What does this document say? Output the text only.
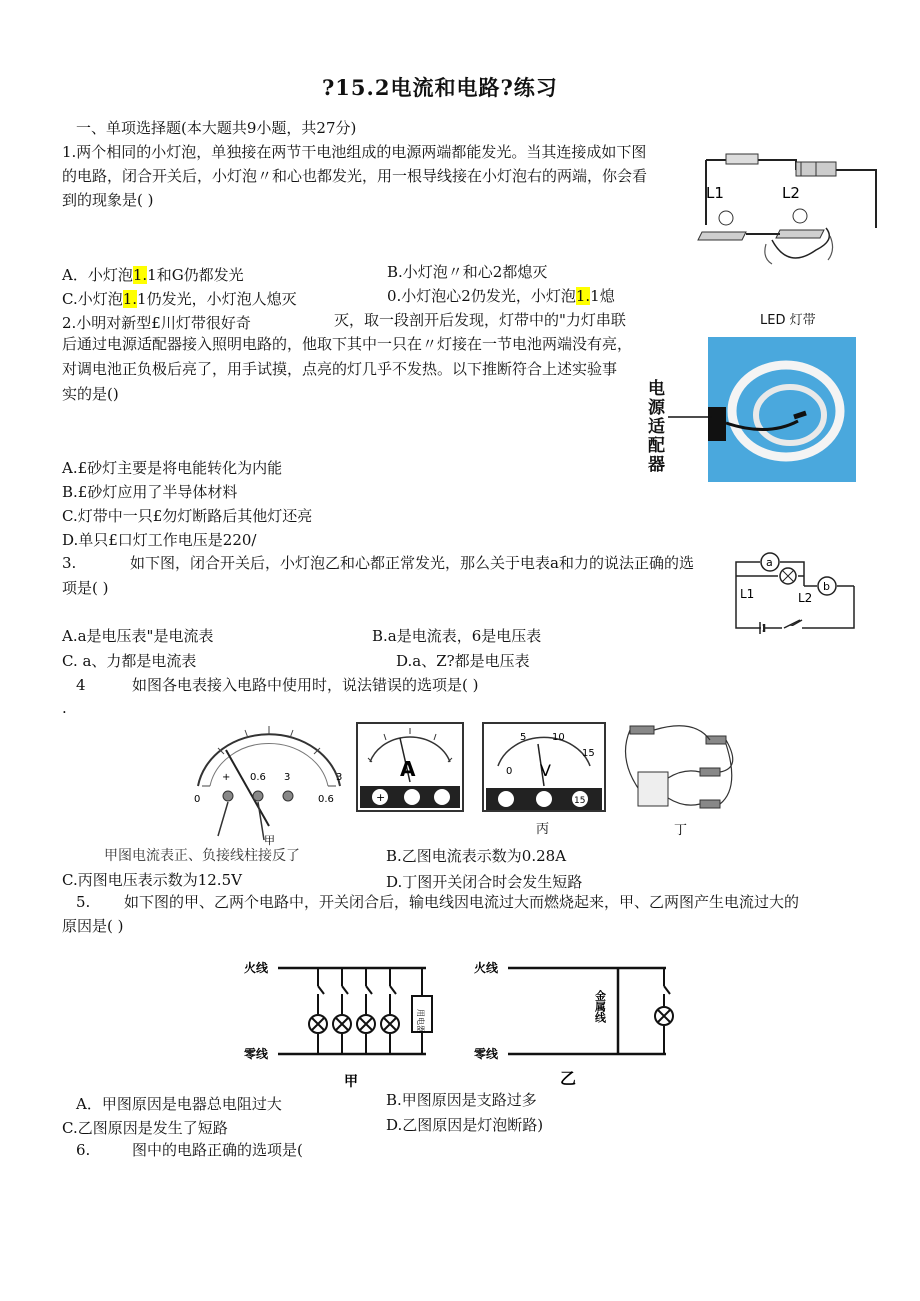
?15.2电流和电路?练习
一、单项选择题(本大题共9小题，共27分)
1.两个相同的小灯泡，单独接在两节干电池组成的电源两端都能发光。当其连接成如下图
的电路，闭合开关后，小灯泡〃和心也都发光，用一根导线接在小灯泡右的两端，你会看
到的现象是( )	L1	L2
A．小灯泡1.1和G仍都发光	B.小灯泡〃和心2都熄灭
C.小灯泡1.1仍发光，小灯泡人熄灭	0.小灯泡心2仍发光，小灯泡1.1熄
2.小明对新型£川灯带很好奇	灭，取一段剖开后发现，灯带中的"力灯串联
后通过电源适配器接入照明电路的，他取下其中一只在〃灯接在一节电池两端没有亮，
对调电池正负极后亮了，用手试摸，点亮的灯几乎不发热。以下推断符合上述实验事
实的是()
LED 灯带
电源适配器
A.£砂灯主要是将电能转化为内能
B.£砂灯应用了半导体材料
C.灯带中一只£勿灯断路后其他灯还亮
D.单只£口灯工作电压是220/
3.	如下图，闭合开关后，小灯泡乙和心都正常发光，那么关于电表a和力的说法正确的选
项是( )
a
b
L1	L2
A.a是电压表"是电流表	B.a是电流表，6是电压表
C. a、力都是电流表	D.a、Z?都是电压表
4	如图各电表接入电路中使用时，说法错误的选项是( )
.
0
3
0.6
+ 0.6 3
甲
A
+
0
5	10
15
V
15
丙	丁
甲图电流表正、负接线柱接反了	B.乙图电流表示数为0.28A
C.丙图电压表示数为12.5V	D.丁图开关闭合时会发生短路
5. 如下图的甲、乙两个电路中，开关闭合后，输电线因电流过大而燃烧起来，甲、乙两图产生电流过大的
原因是( )
火线
零线
用电器
甲
火线
零线
金属线
乙
A．甲图原因是电器总电阻过大	B.甲图原因是支路过多
C.乙图原因是发生了短路	D.乙图原因是灯泡断路)
6.	图中的电路正确的选项是(
